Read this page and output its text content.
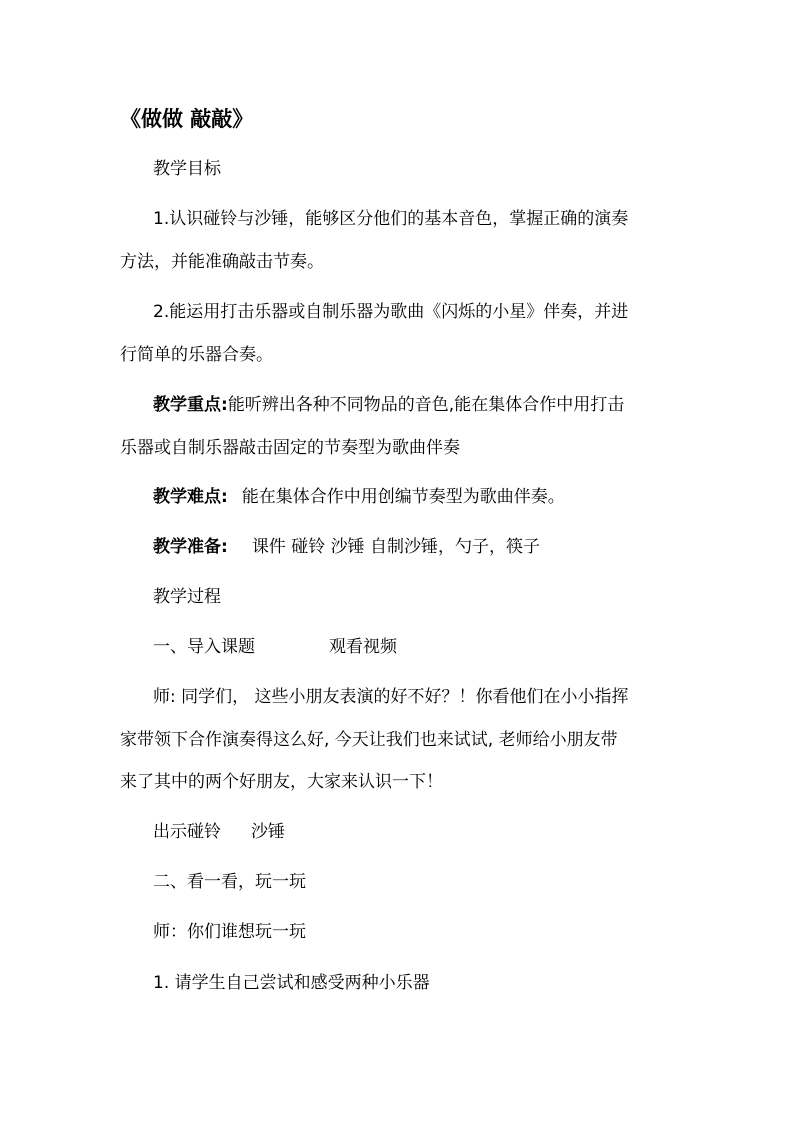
《做做 敲敲》

教学目标

1.认识碰铃与沙锤，能够区分他们的基本音色，掌握正确的演奏

方法，并能准确敲击节奏。

2.能运用打击乐器或自制乐器为歌曲《闪烁的小星》伴奏，并进

行简单的乐器合奏。

教学重点:能听辨出各种不同物品的音色,能在集体合作中用打击

乐器或自制乐器敲击固定的节奏型为歌曲伴奏

教学难点: 能在集体合作中用创编节奏型为歌曲伴奏。

教学准备: 课件 碰铃 沙锤 自制沙锤，勺子，筷子

教学过程

一、导入课题	观看视频

师: 同学们， 这些小朋友表演的好不好？！你看他们在小小指挥

家带领下合作演奏得这么好, 今天让我们也来试试, 老师给小朋友带

来了其中的两个好朋友，大家来认识一下！

出示碰铃 沙锤

二、看一看，玩一玩

师：你们谁想玩一玩

1. 请学生自己尝试和感受两种小乐器
